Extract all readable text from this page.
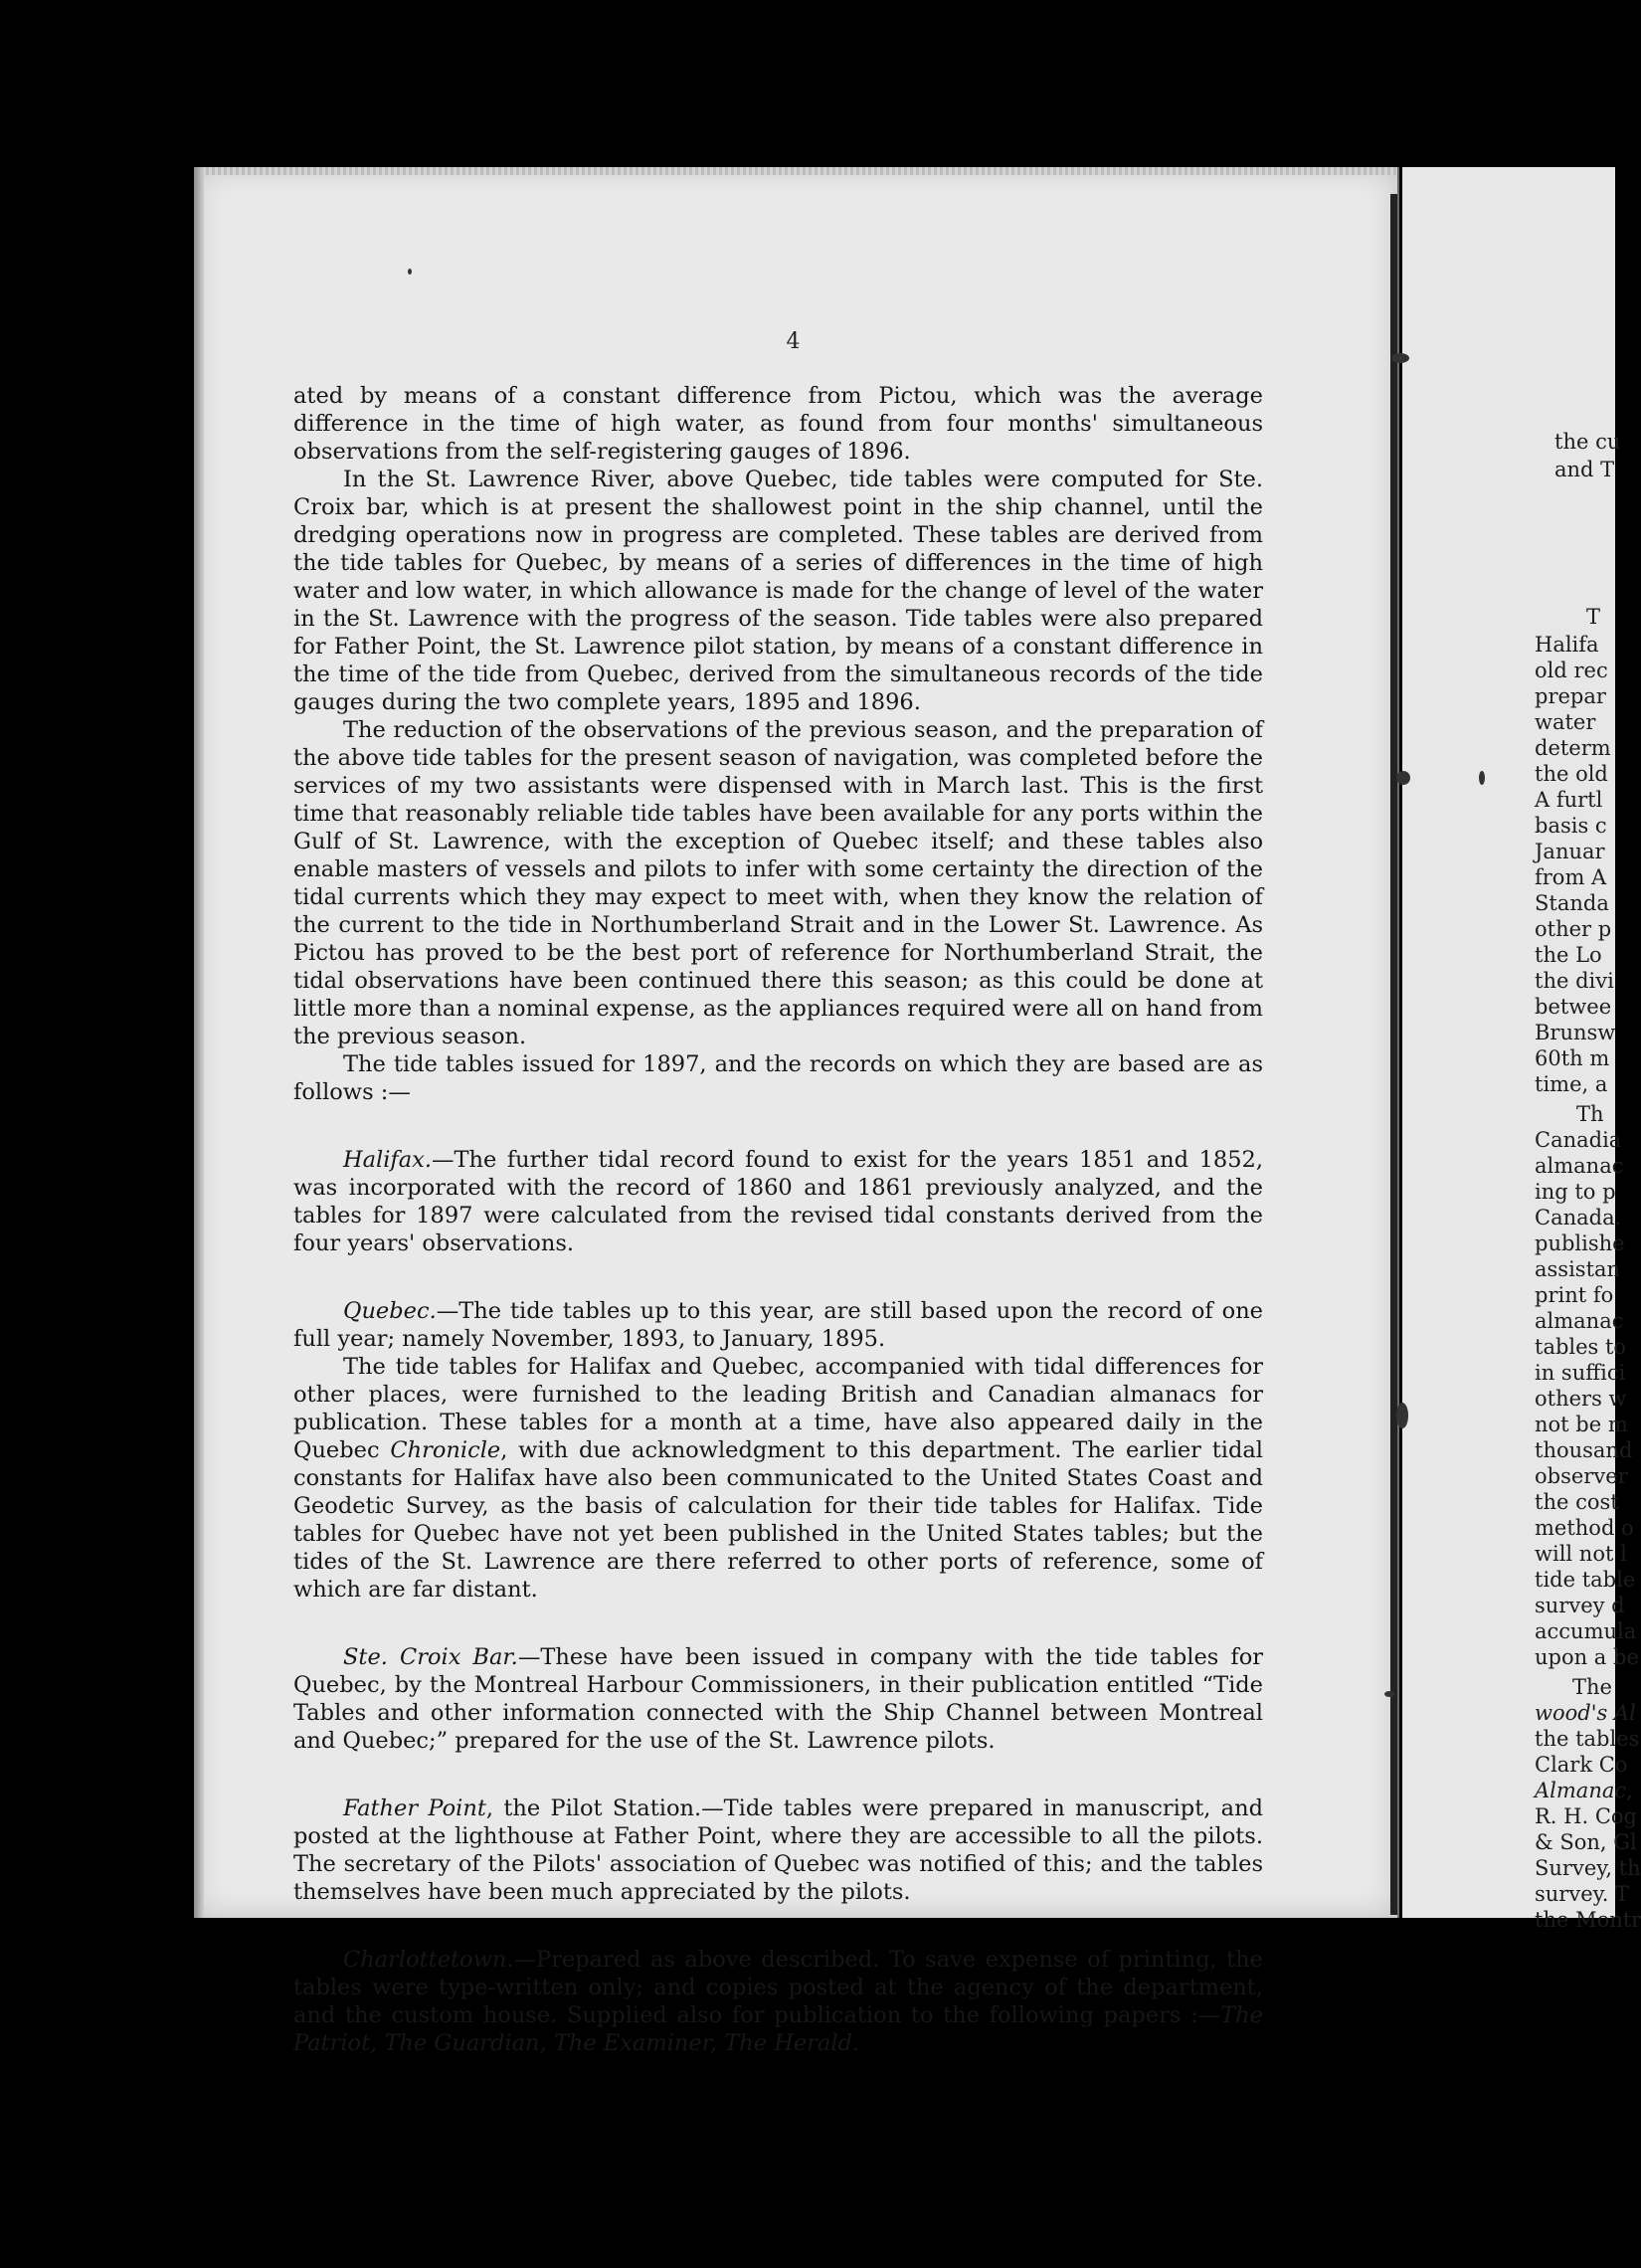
4

ated by means of a constant difference from Pictou, which was the average difference in the time of high water, as found from four months' simultaneous observations from the self-registering gauges of 1896.

In the St. Lawrence River, above Quebec, tide tables were computed for Ste. Croix bar, which is at present the shallowest point in the ship channel, until the dredging operations now in progress are completed. These tables are derived from the tide tables for Quebec, by means of a series of differences in the time of high water and low water, in which allowance is made for the change of level of the water in the St. Lawrence with the progress of the season. Tide tables were also prepared for Father Point, the St. Lawrence pilot station, by means of a constant difference in the time of the tide from Quebec, derived from the simultaneous records of the tide gauges during the two complete years, 1895 and 1896.

The reduction of the observations of the previous season, and the preparation of the above tide tables for the present season of navigation, was completed before the services of my two assistants were dispensed with in March last. This is the first time that reasonably reliable tide tables have been available for any ports within the Gulf of St. Lawrence, with the exception of Quebec itself; and these tables also enable masters of vessels and pilots to infer with some certainty the direction of the tidal currents which they may expect to meet with, when they know the relation of the current to the tide in Northumberland Strait and in the Lower St. Lawrence. As Pictou has proved to be the best port of reference for Northumberland Strait, the tidal observations have been continued there this season; as this could be done at little more than a nominal expense, as the appliances required were all on hand from the previous season.

The tide tables issued for 1897, and the records on which they are based are as follows :—

Halifax.—The further tidal record found to exist for the years 1851 and 1852, was incorporated with the record of 1860 and 1861 previously analyzed, and the tables for 1897 were calculated from the revised tidal constants derived from the four years' observations.

Quebec.—The tide tables up to this year, are still based upon the record of one full year; namely November, 1893, to January, 1895.

The tide tables for Halifax and Quebec, accompanied with tidal differences for other places, were furnished to the leading British and Canadian almanacs for publication. These tables for a month at a time, have also appeared daily in the Quebec Chronicle, with due acknowledgment to this department. The earlier tidal constants for Halifax have also been communicated to the United States Coast and Geodetic Survey, as the basis of calculation for their tide tables for Halifax. Tide tables for Quebec have not yet been published in the United States tables; but the tides of the St. Lawrence are there referred to other ports of reference, some of which are far distant.

Ste. Croix Bar.—These have been issued in company with the tide tables for Quebec, by the Montreal Harbour Commissioners, in their publication entitled “Tide Tables and other information connected with the Ship Channel between Montreal and Quebec;” prepared for the use of the St. Lawrence pilots.

Father Point, the Pilot Station.—Tide tables were prepared in manuscript, and posted at the lighthouse at Father Point, where they are accessible to all the pilots. The secretary of the Pilots' association of Quebec was notified of this; and the tables themselves have been much appreciated by the pilots.

Charlottetown.—Prepared as above described. To save expense of printing, the tables were type-written only; and copies posted at the agency of the department, and the custom house. Supplied also for publication to the following papers :—The Patriot, The Guardian, The Examiner, The Herald.

the cu
and T
T
Halifa
old rec
prepar
water
determ
the old
A furtl
basis c
Januar
from A
Standa
other p
the Lo
the divi
betwee
Brunsw
60th m
time, a
Th
Canadia
almanac
ing to p
Canada.
publishe
assistan
print fo
almanac
tables to
in suffici
others w
not be m
thousand
observer
the cost
method o
will not l
tide table
survey d
accumula
upon a be
The
wood's Al
the tables
Clark Co
Almanac,
R. H. Cog
& Son, Gl
Survey, th
survey. T
the Montr
